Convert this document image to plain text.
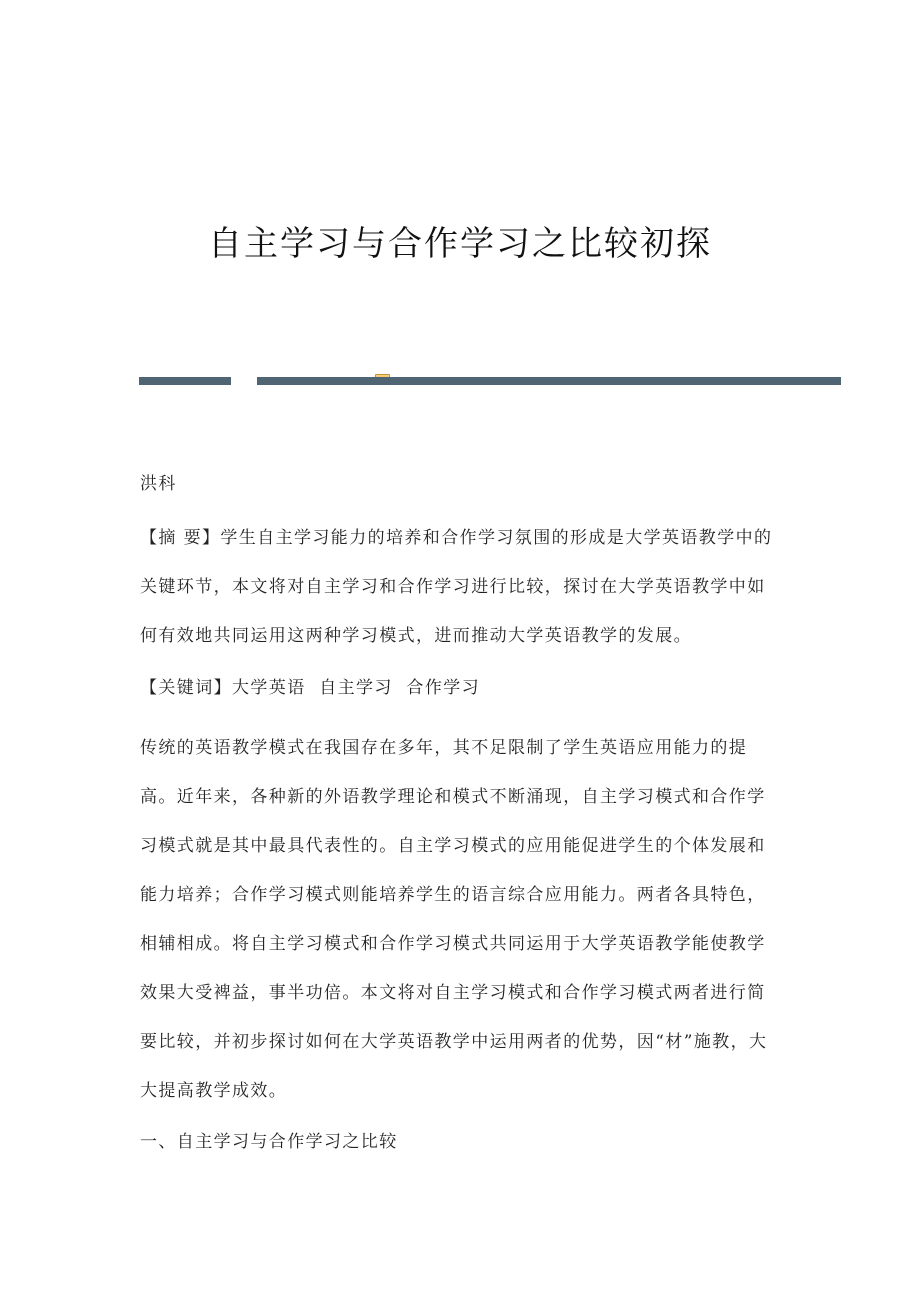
自主学习与合作学习之比较初探
洪科
【摘 要】学生自主学习能力的培养和合作学习氛围的形成是大学英语教学中的关键环节，本文将对自主学习和合作学习进行比较，探讨在大学英语教学中如何有效地共同运用这两种学习模式，进而推动大学英语教学的发展。
【关键词】大学英语  自主学习  合作学习
传统的英语教学模式在我国存在多年，其不足限制了学生英语应用能力的提高。近年来，各种新的外语教学理论和模式不断涌现，自主学习模式和合作学习模式就是其中最具代表性的。自主学习模式的应用能促进学生的个体发展和能力培养；合作学习模式则能培养学生的语言综合应用能力。两者各具特色，相辅相成。将自主学习模式和合作学习模式共同运用于大学英语教学能使教学效果大受裨益，事半功倍。本文将对自主学习模式和合作学习模式两者进行简要比较，并初步探讨如何在大学英语教学中运用两者的优势，因“材”施教，大大提高教学成效。
一、自主学习与合作学习之比较
